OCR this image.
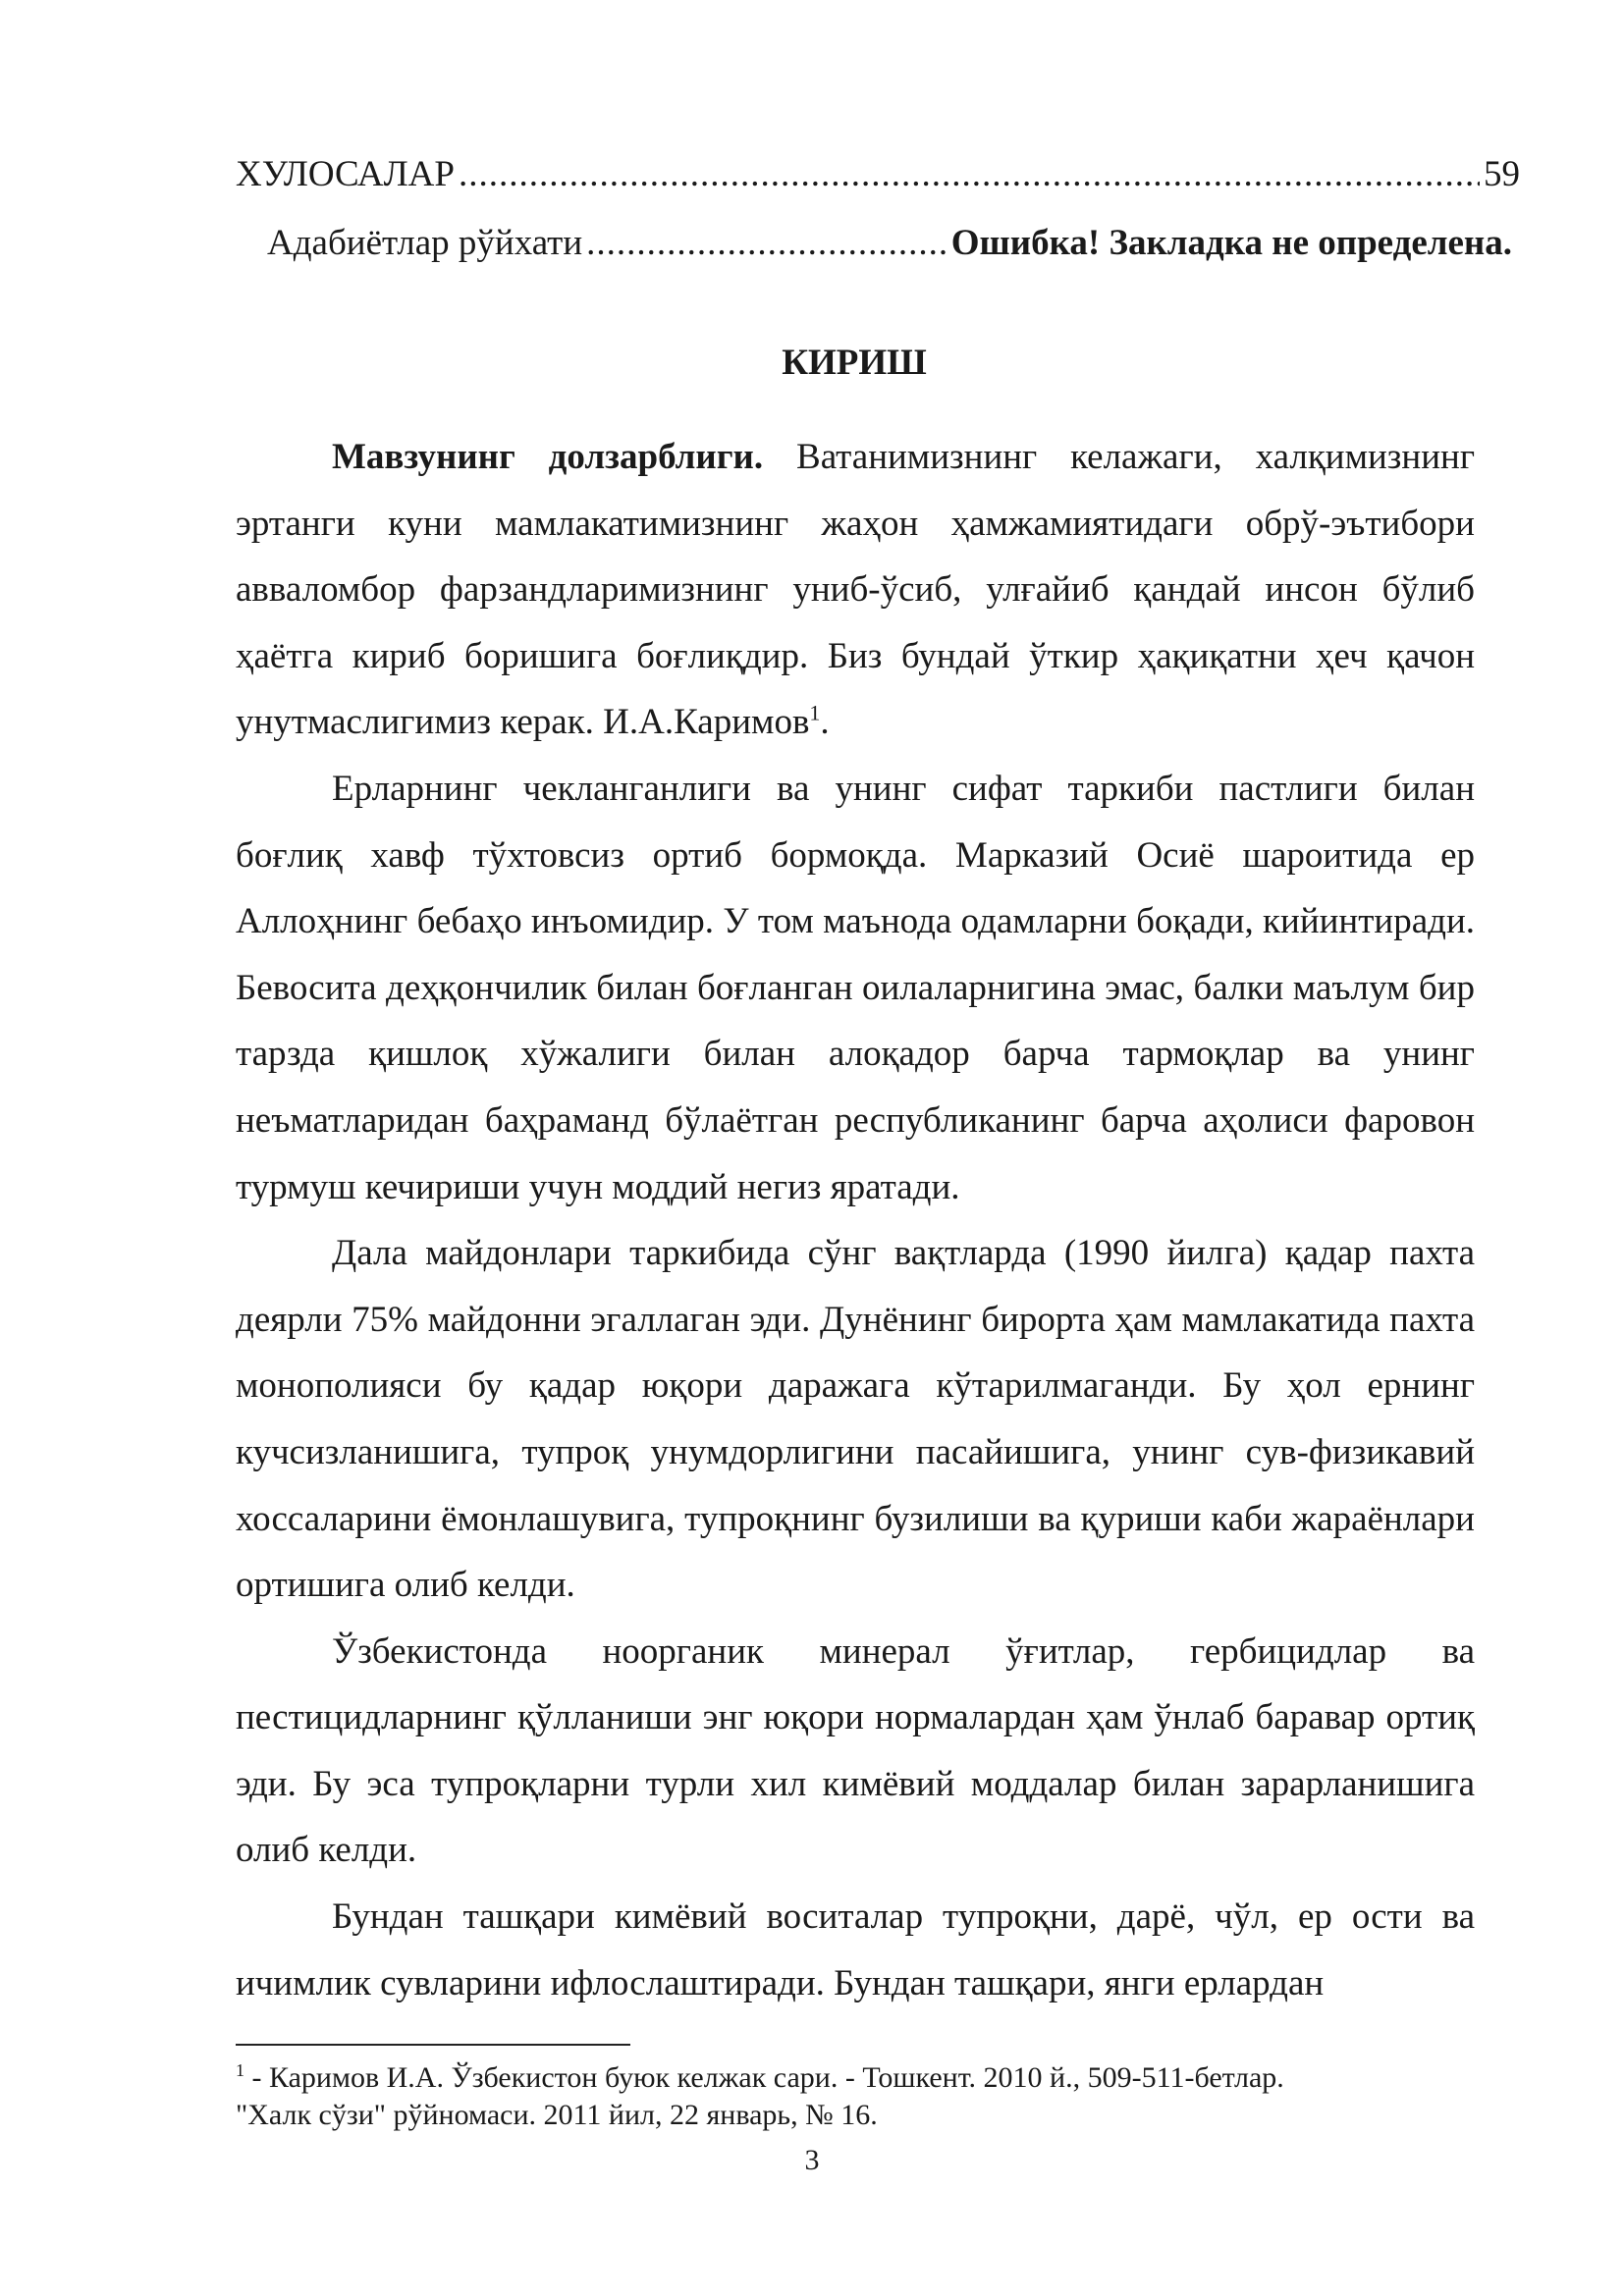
ХУЛОСАЛАР .....	59
Адабиётлар рўйхати .....	Ошибка! Закладка не определена.
КИРИШ

Мавзунинг долзарблиги. Ватанимизнинг келажаги, халқимизнинг эртанги куни мамлакатимизнинг жаҳон ҳамжамиятидаги обрў-эътибори авваломбор фарзандларимизнинг униб-ўсиб, улғайиб қандай инсон бўлиб ҳаётга кириб боришига боғлиқдир. Биз бундай ўткир ҳақиқатни ҳеч қачон унутмаслигимиз керак. И.А.Каримов$^1$.

Ерларнинг чекланганлиги ва унинг сифат таркиби пастлиги билан боғлиқ хавф тўхтовсиз ортиб бормоқда. Марказий Осиё шароитида ер Аллоҳнинг бебаҳо инъомидир. У том маънода одамларни боқади, кийинтиради. Бевосита деҳқончилик билан боғланган оилаларнигина эмас, балки маълум бир тарзда қишлоқ хўжалиги билан алоқадор барча тармоқлар ва унинг неъматларидан баҳраманд бўлаётган республиканинг барча аҳолиси фаровон турмуш кечириши учун моддий негиз яратади.

Дала майдонлари таркибида сўнг вақтларда (1990 йилга) қадар пахта деярли 75% майдонни эгаллаган эди. Дунёнинг бирорта ҳам мамлакатида пахта монополияси бу қадар юқори даражага кўтарилмаганди. Бу ҳол ернинг кучсизланишига, тупроқ унумдорлигини пасайишига, унинг сув-физикавий хоссаларини ёмонлашувига, тупроқнинг бузилиши ва қуриши каби жараёнлари ортишига олиб келди.

Ўзбекистонда ноорганик минерал ўғитлар, гербицидлар ва пестицидларнинг қўлланиши энг юқори нормалардан ҳам ўнлаб баравар ортиқ эди. Бу эса тупроқларни турли хил кимёвий моддалар билан зарарланишига олиб келди.

Бундан ташқари кимёвий воситалар тупроқни, дарё, чўл, ер ости ва ичимлик сувларини ифлослаштиради. Бундан ташқари, янги ерлардан

$^1$ - Каримов И.А. Ўзбекистон буюк келжак сари. - Тошкент. 2010 й., 509-511-бетлар.
"Халк сўзи" рўйномаси. 2011 йил, 22 январь, № 16.
3
